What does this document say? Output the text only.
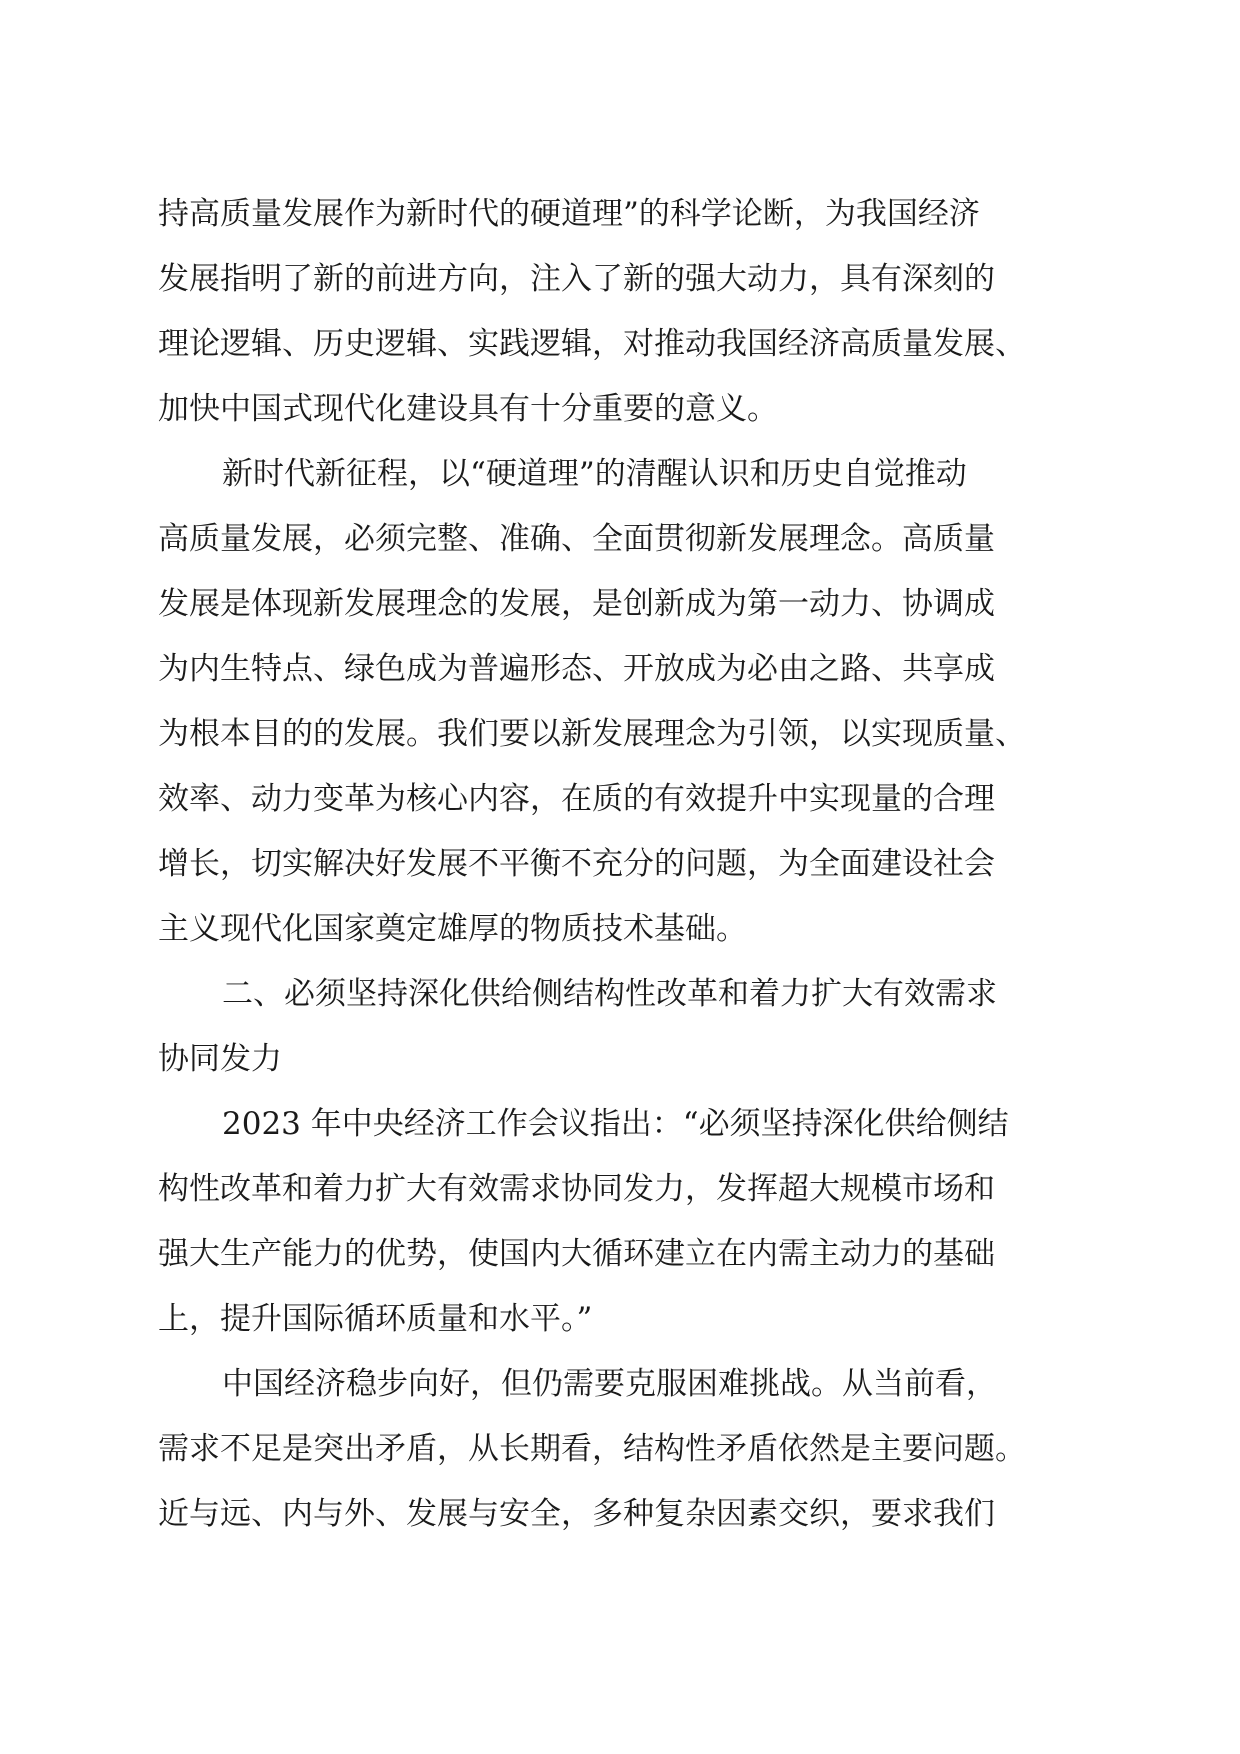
持高质量发展作为新时代的硬道理”的科学论断，为我国经济
发展指明了新的前进方向，注入了新的强大动力，具有深刻的
理论逻辑、历史逻辑、实践逻辑，对推动我国经济高质量发展、
加快中国式现代化建设具有十分重要的意义。
新时代新征程，以“硬道理”的清醒认识和历史自觉推动
高质量发展，必须完整、准确、全面贯彻新发展理念。高质量
发展是体现新发展理念的发展，是创新成为第一动力、协调成
为内生特点、绿色成为普遍形态、开放成为必由之路、共享成
为根本目的的发展。我们要以新发展理念为引领，以实现质量、
效率、动力变革为核心内容，在质的有效提升中实现量的合理
增长，切实解决好发展不平衡不充分的问题，为全面建设社会
主义现代化国家奠定雄厚的物质技术基础。
二、必须坚持深化供给侧结构性改革和着力扩大有效需求
协同发力
2023 年中央经济工作会议指出：“必须坚持深化供给侧结
构性改革和着力扩大有效需求协同发力，发挥超大规模市场和
强大生产能力的优势，使国内大循环建立在内需主动力的基础
上，提升国际循环质量和水平。”
中国经济稳步向好，但仍需要克服困难挑战。从当前看，
需求不足是突出矛盾，从长期看，结构性矛盾依然是主要问题。
近与远、内与外、发展与安全，多种复杂因素交织，要求我们
